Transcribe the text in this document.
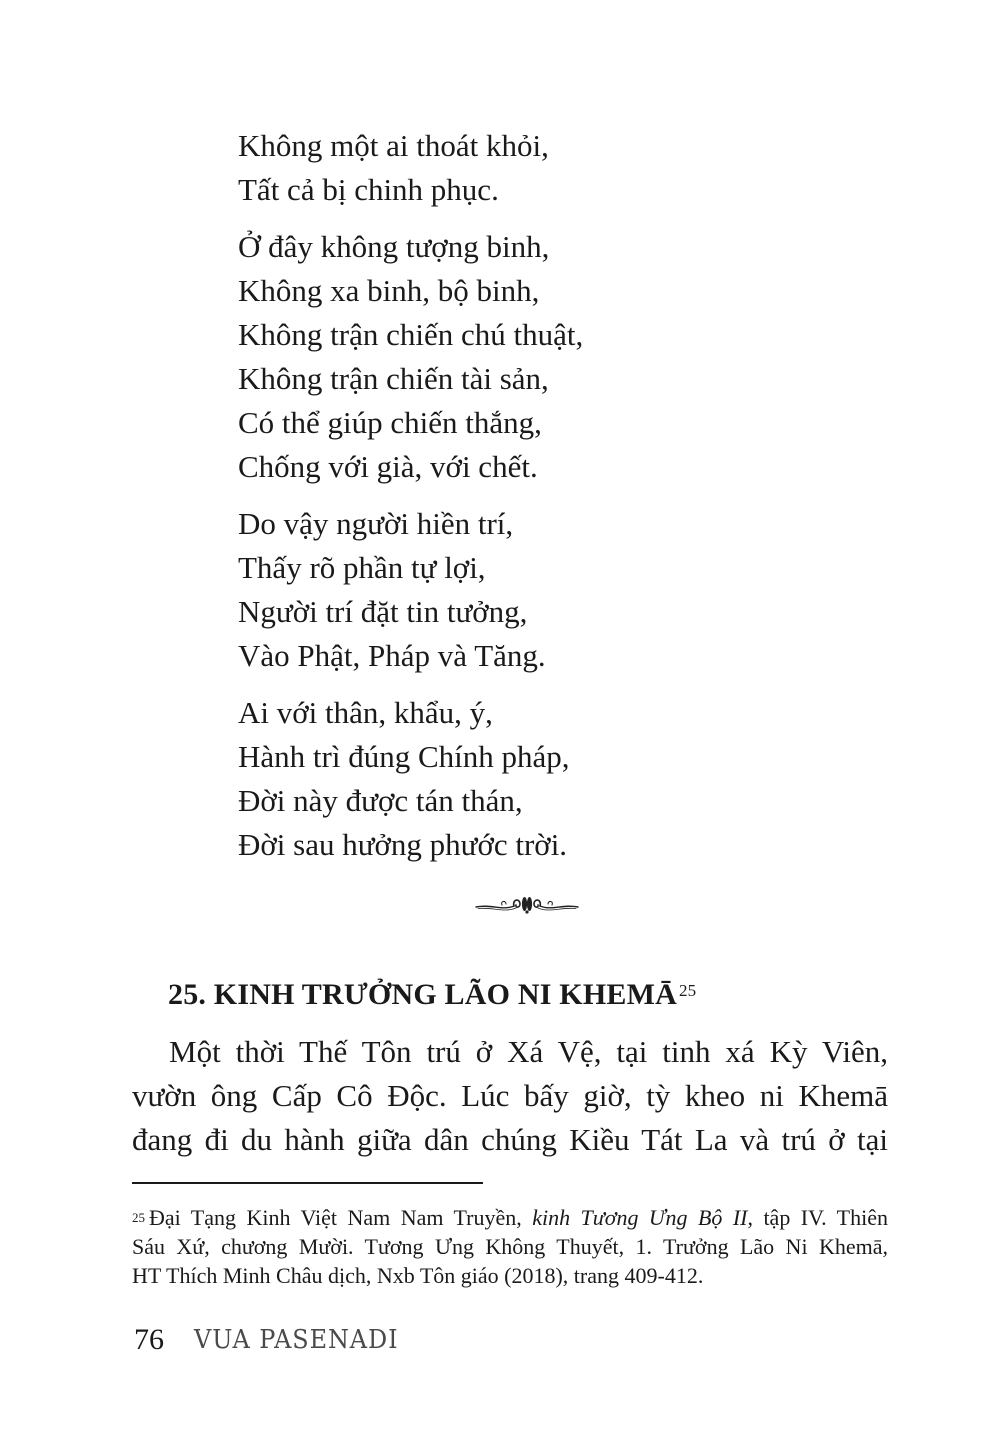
Không một ai thoát khỏi,
Tất cả bị chinh phục.
Ở đây không tượng binh,
Không xa binh, bộ binh,
Không trận chiến chú thuật,
Không trận chiến tài sản,
Có thể giúp chiến thắng,
Chống với già, với chết.
Do vậy người hiền trí,
Thấy rõ phần tự lợi,
Người trí đặt tin tưởng,
Vào Phật, Pháp và Tăng.
Ai với thân, khẩu, ý,
Hành trì đúng Chính pháp,
Đời này được tán thán,
Đời sau hưởng phước trời.
25. KINH TRƯỞNG LÃO NI KHEMĀ $^{25}$
Một thời Thế Tôn trú ở Xá Vệ, tại tinh xá Kỳ Viên,
vườn ông Cấp Cô Độc. Lúc bấy giờ, tỳ kheo ni Khemā
đang đi du hành giữa dân chúng Kiều Tát La và trú ở tại
$^{25}$ Đại Tạng Kinh Việt Nam Nam Truyền, kinh Tương Ưng Bộ II, tập IV. Thiên
Sáu Xứ, chương Mười. Tương Ưng Không Thuyết, 1. Trưởng Lão Ni Khemā,
HT Thích Minh Châu dịch, Nxb Tôn giáo (2018), trang 409-412.
76 VUA PASENADI
